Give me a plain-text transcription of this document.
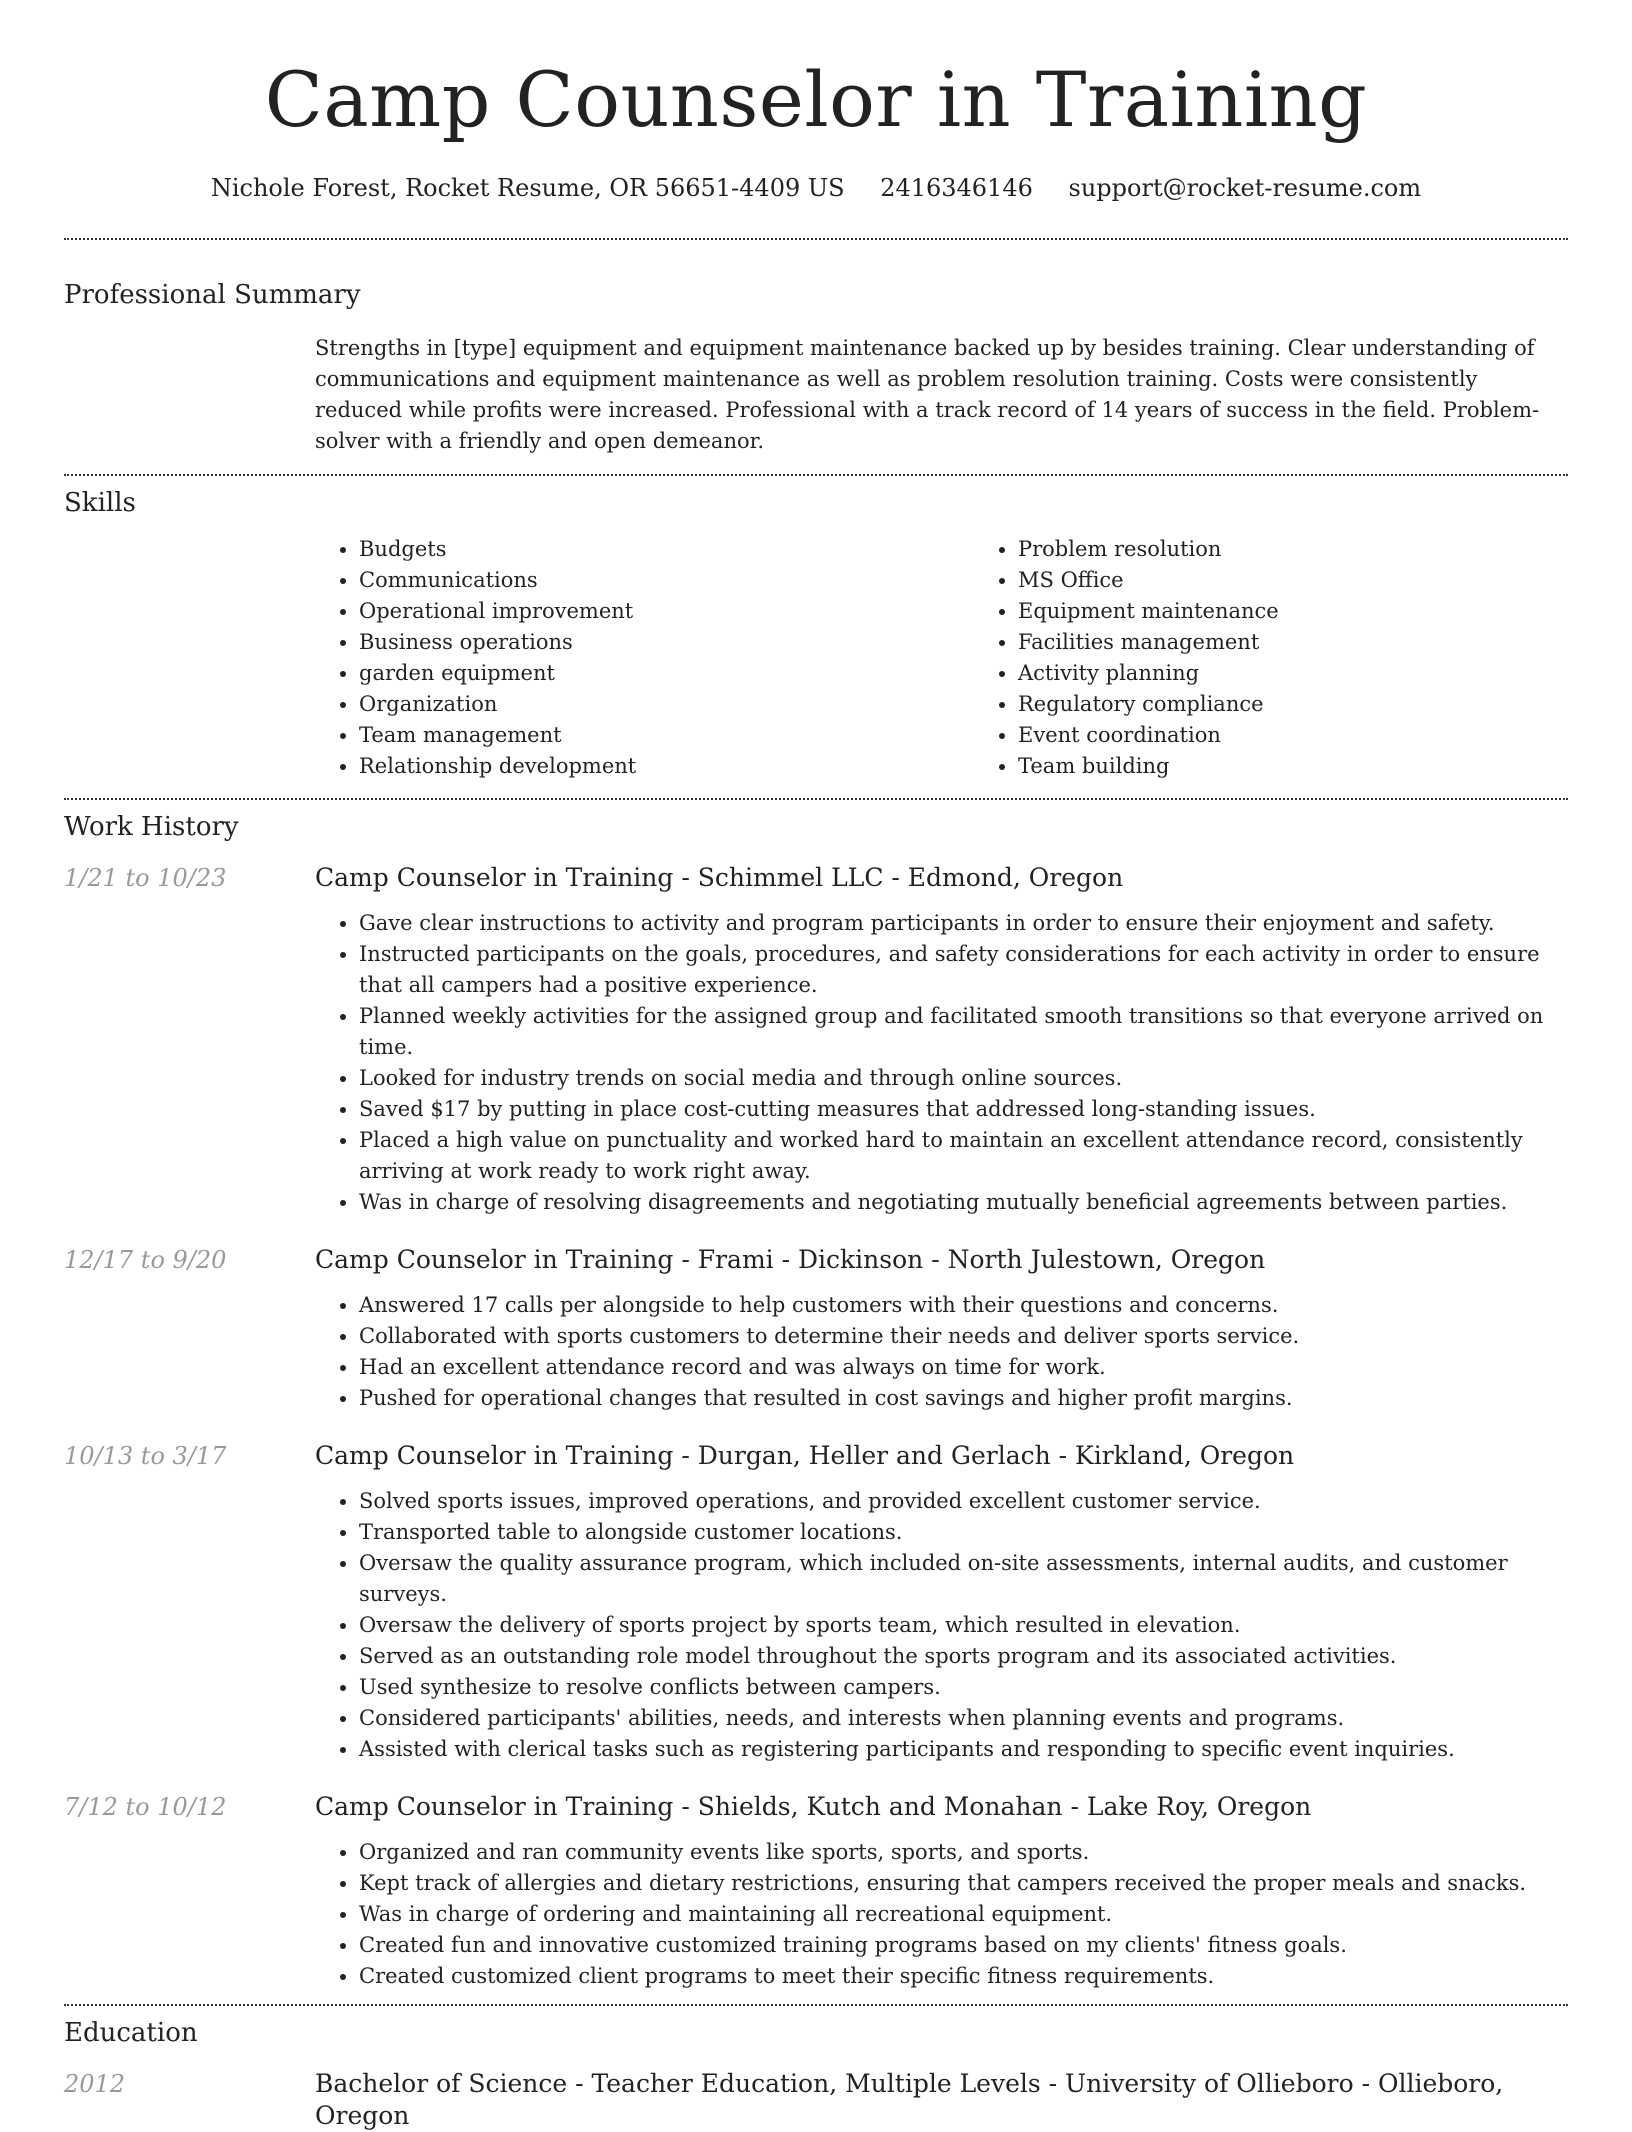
Camp Counselor in Training
Nichole Forest, Rocket Resume, OR 56651-4409 US 2416346146 support@rocket-resume.com
Professional Summary

Strengths in [type] equipment and equipment maintenance backed up by besides training. Clear understanding of communications and equipment maintenance as well as problem resolution training. Costs were consistently reduced while profits were increased. Professional with a track record of 14 years of success in the field. Problem-solver with a friendly and open demeanor.

Skills
• Budgets
• Communications
• Operational improvement
• Business operations
• garden equipment
• Organization
• Team management
• Relationship development
• Problem resolution
• MS Office
• Equipment maintenance
• Facilities management
• Activity planning
• Regulatory compliance
• Event coordination
• Team building
Work History
1/21 to 10/23	Camp Counselor in Training - Schimmel LLC - Edmond, Oregon
• Gave clear instructions to activity and program participants in order to ensure their enjoyment and safety.
• Instructed participants on the goals, procedures, and safety considerations for each activity in order to ensure that all campers had a positive experience.
• Planned weekly activities for the assigned group and facilitated smooth transitions so that everyone arrived on time.
• Looked for industry trends on social media and through online sources.
• Saved $17 by putting in place cost-cutting measures that addressed long-standing issues.
• Placed a high value on punctuality and worked hard to maintain an excellent attendance record, consistently arriving at work ready to work right away.
• Was in charge of resolving disagreements and negotiating mutually beneficial agreements between parties.
12/17 to 9/20	Camp Counselor in Training - Frami - Dickinson - North Julestown, Oregon
• Answered 17 calls per alongside to help customers with their questions and concerns.
• Collaborated with sports customers to determine their needs and deliver sports service.
• Had an excellent attendance record and was always on time for work.
• Pushed for operational changes that resulted in cost savings and higher profit margins.
10/13 to 3/17	Camp Counselor in Training - Durgan, Heller and Gerlach - Kirkland, Oregon
• Solved sports issues, improved operations, and provided excellent customer service.
• Transported table to alongside customer locations.
• Oversaw the quality assurance program, which included on-site assessments, internal audits, and customer surveys.
• Oversaw the delivery of sports project by sports team, which resulted in elevation.
• Served as an outstanding role model throughout the sports program and its associated activities.
• Used synthesize to resolve conflicts between campers.
• Considered participants' abilities, needs, and interests when planning events and programs.
• Assisted with clerical tasks such as registering participants and responding to specific event inquiries.
7/12 to 10/12	Camp Counselor in Training - Shields, Kutch and Monahan - Lake Roy, Oregon
• Organized and ran community events like sports, sports, and sports.
• Kept track of allergies and dietary restrictions, ensuring that campers received the proper meals and snacks.
• Was in charge of ordering and maintaining all recreational equipment.
• Created fun and innovative customized training programs based on my clients' fitness goals.
• Created customized client programs to meet their specific fitness requirements.
Education
2012	Bachelor of Science - Teacher Education, Multiple Levels - University of Ollieboro - Ollieboro, Oregon
